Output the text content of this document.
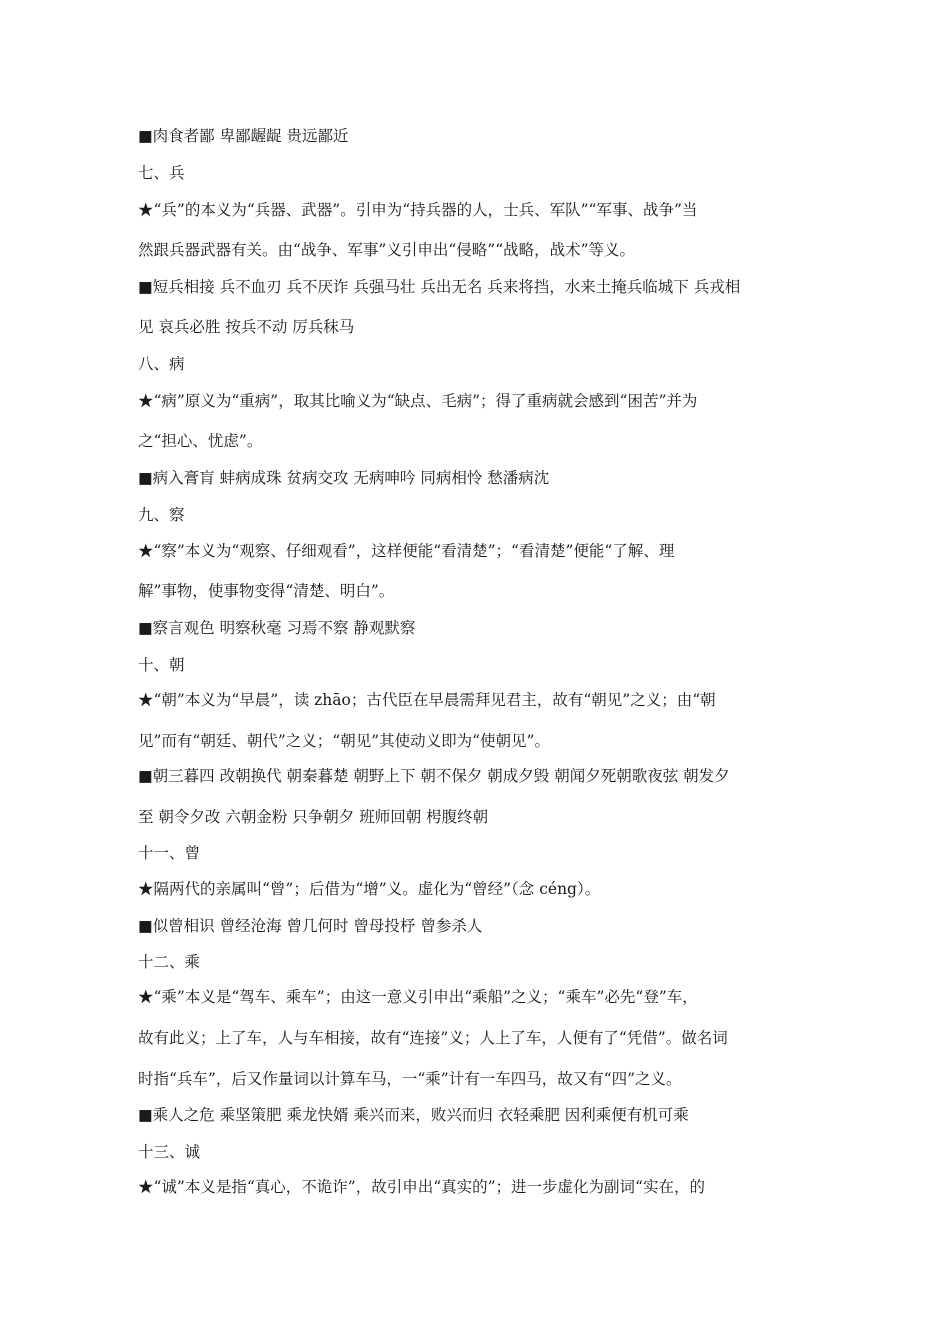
■肉食者鄙 卑鄙龌龊 贵远鄙近

七、兵

★“兵”的本义为“兵器、武器”。引申为“持兵器的人，士兵、军队”“军事、战争”当

然跟兵器武器有关。由“战争、军事”义引申出“侵略”“战略，战术”等义。

■短兵相接 兵不血刃 兵不厌诈 兵强马壮 兵出无名 兵来将挡，水来土掩兵临城下 兵戎相

见 哀兵必胜 按兵不动 厉兵秣马

八、病

★“病”原义为“重病”，取其比喻义为“缺点、毛病”；得了重病就会感到“困苦”并为

之“担心、忧虑”。

■病入膏肓 蚌病成珠 贫病交攻 无病呻吟 同病相怜 愁潘病沈

九、察

★“察”本义为“观察、仔细观看”，这样便能“看清楚”；“看清楚”便能“了解、理

解”事物，使事物变得“清楚、明白”。

■察言观色 明察秋毫 习焉不察 静观默察

十、朝

★“朝”本义为“早晨”，读 zhāo；古代臣在早晨需拜见君主，故有“朝见”之义；由“朝

见”而有“朝廷、朝代”之义；“朝见”其使动义即为“使朝见”。

■朝三暮四 改朝换代 朝秦暮楚 朝野上下 朝不保夕 朝成夕毁 朝闻夕死朝歌夜弦 朝发夕

至 朝令夕改 六朝金粉 只争朝夕 班师回朝 枵腹终朝

十一、曾

★隔两代的亲属叫“曾”；后借为“增”义。虚化为“曾经”（念 céng）。

■似曾相识 曾经沧海 曾几何时 曾母投杼 曾参杀人

十二、乘

★“乘”本义是“驾车、乘车”；由这一意义引申出“乘船”之义；“乘车”必先“登”车，

故有此义；上了车，人与车相接，故有“连接”义；人上了车，人便有了“凭借”。做名词

时指“兵车”，后又作量词以计算车马，一“乘”计有一车四马，故又有“四”之义。

■乘人之危 乘坚策肥 乘龙快婿 乘兴而来，败兴而归 衣轻乘肥 因利乘便有机可乘

十三、诚

★“诚”本义是指“真心，不诡诈”，故引申出“真实的”；进一步虚化为副词“实在，的
